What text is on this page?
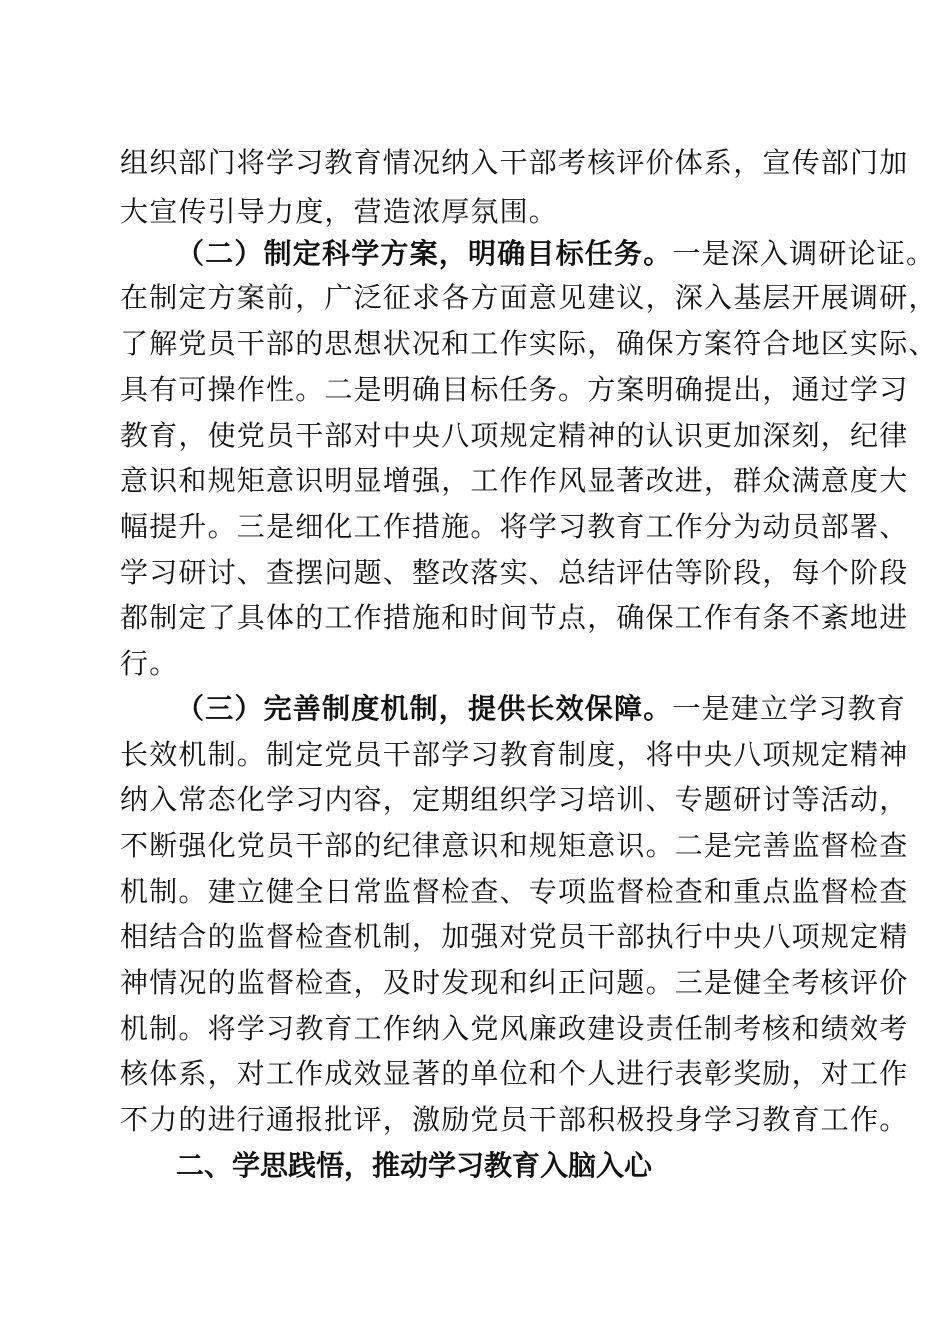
组织部门将学习教育情况纳入干部考核评价体系，宣传部门加
大宣传引导力度，营造浓厚氛围。
（二）制定科学方案，明确目标任务。一是深入调研论证。
在制定方案前，广泛征求各方面意见建议，深入基层开展调研，
了解党员干部的思想状况和工作实际，确保方案符合地区实际、
具有可操作性。二是明确目标任务。方案明确提出，通过学习
教育，使党员干部对中央八项规定精神的认识更加深刻，纪律
意识和规矩意识明显增强，工作作风显著改进，群众满意度大
幅提升。三是细化工作措施。将学习教育工作分为动员部署、
学习研讨、查摆问题、整改落实、总结评估等阶段，每个阶段
都制定了具体的工作措施和时间节点，确保工作有条不紊地进
行。
（三）完善制度机制，提供长效保障。一是建立学习教育
长效机制。制定党员干部学习教育制度，将中央八项规定精神
纳入常态化学习内容，定期组织学习培训、专题研讨等活动，
不断强化党员干部的纪律意识和规矩意识。二是完善监督检查
机制。建立健全日常监督检查、专项监督检查和重点监督检查
相结合的监督检查机制，加强对党员干部执行中央八项规定精
神情况的监督检查，及时发现和纠正问题。三是健全考核评价
机制。将学习教育工作纳入党风廉政建设责任制考核和绩效考
核体系，对工作成效显著的单位和个人进行表彰奖励，对工作
不力的进行通报批评，激励党员干部积极投身学习教育工作。
二、学思践悟，推动学习教育入脑入心
